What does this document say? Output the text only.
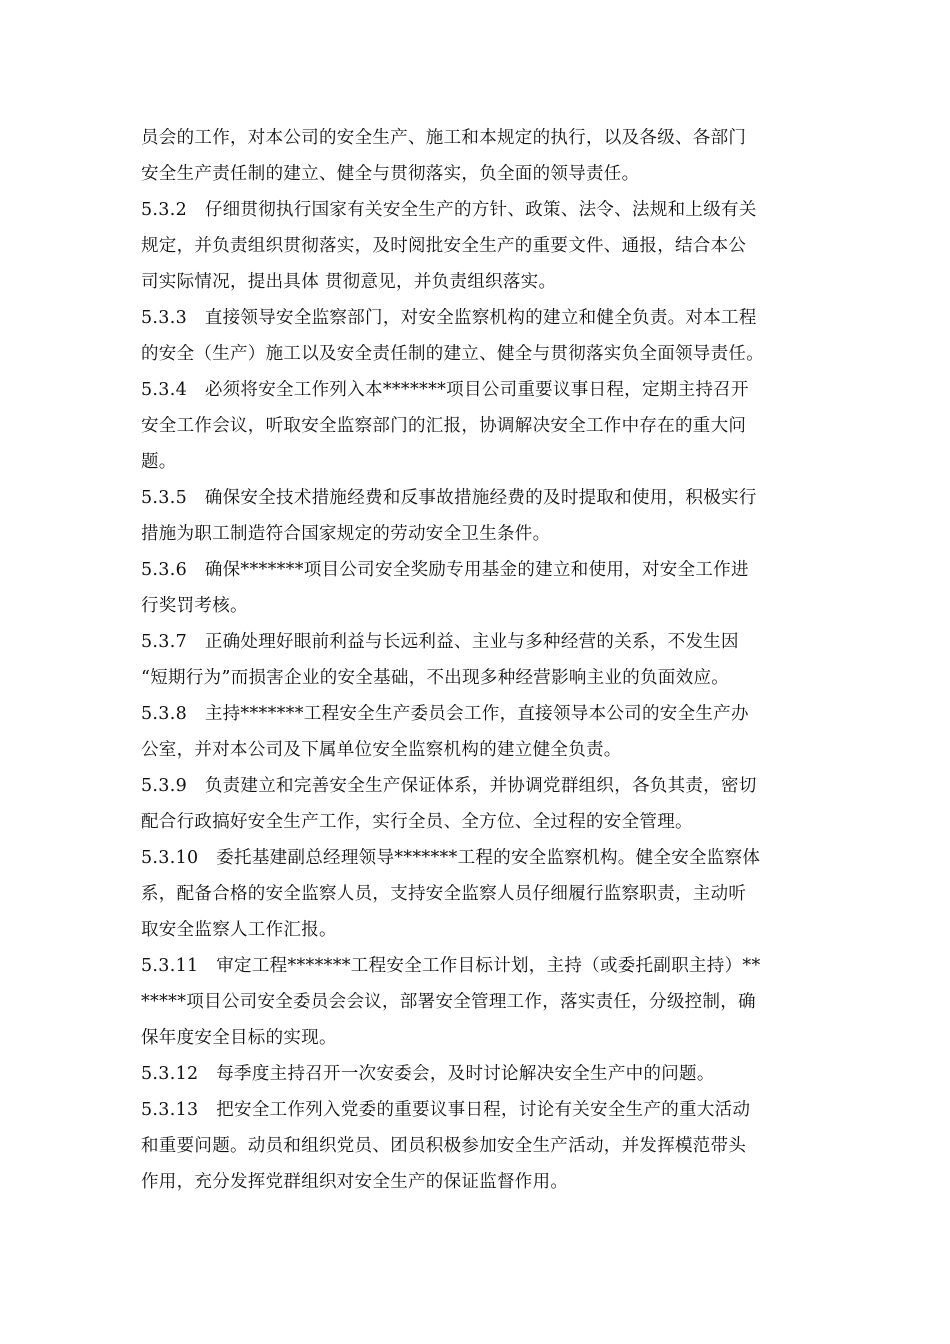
员会的工作，对本公司的安全生产、施工和本规定的执行，以及各级、各部门
安全生产责任制的建立、健全与贯彻落实，负全面的领导责任。
5.3.2　仔细贯彻执行国家有关安全生产的方针、政策、法令、法规和上级有关
规定，并负责组织贯彻落实，及时阅批安全生产的重要文件、通报，结合本公
司实际情况，提出具体 贯彻意见，并负责组织落实。
5.3.3　直接领导安全监察部门，对安全监察机构的建立和健全负责。对本工程
的安全（生产）施工以及安全责任制的建立、健全与贯彻落实负全面领导责任。
5.3.4　必须将安全工作列入本*******项目公司重要议事日程，定期主持召开
安全工作会议，听取安全监察部门的汇报，协调解决安全工作中存在的重大问
题。
5.3.5　确保安全技术措施经费和反事故措施经费的及时提取和使用，积极实行
措施为职工制造符合国家规定的劳动安全卫生条件。
5.3.6　确保*******项目公司安全奖励专用基金的建立和使用，对安全工作进
行奖罚考核。
5.3.7　正确处理好眼前利益与长远利益、主业与多种经营的关系，不发生因
“短期行为”而损害企业的安全基础，不出现多种经营影响主业的负面效应。
5.3.8　主持*******工程安全生产委员会工作，直接领导本公司的安全生产办
公室，并对本公司及下属单位安全监察机构的建立健全负责。
5.3.9　负责建立和完善安全生产保证体系，并协调党群组织，各负其责，密切
配合行政搞好安全生产工作，实行全员、全方位、全过程的安全管理。
5.3.10　委托基建副总经理领导*******工程的安全监察机构。健全安全监察体
系，配备合格的安全监察人员，支持安全监察人员仔细履行监察职责，主动听
取安全监察人工作汇报。
5.3.11　审定工程*******工程安全工作目标计划，主持（或委托副职主持）**
*****项目公司安全委员会会议，部署安全管理工作，落实责任，分级控制，确
保年度安全目标的实现。
5.3.12　每季度主持召开一次安委会，及时讨论解决安全生产中的问题。
5.3.13　把安全工作列入党委的重要议事日程，讨论有关安全生产的重大活动
和重要问题。动员和组织党员、团员积极参加安全生产活动，并发挥模范带头
作用，充分发挥党群组织对安全生产的保证监督作用。
